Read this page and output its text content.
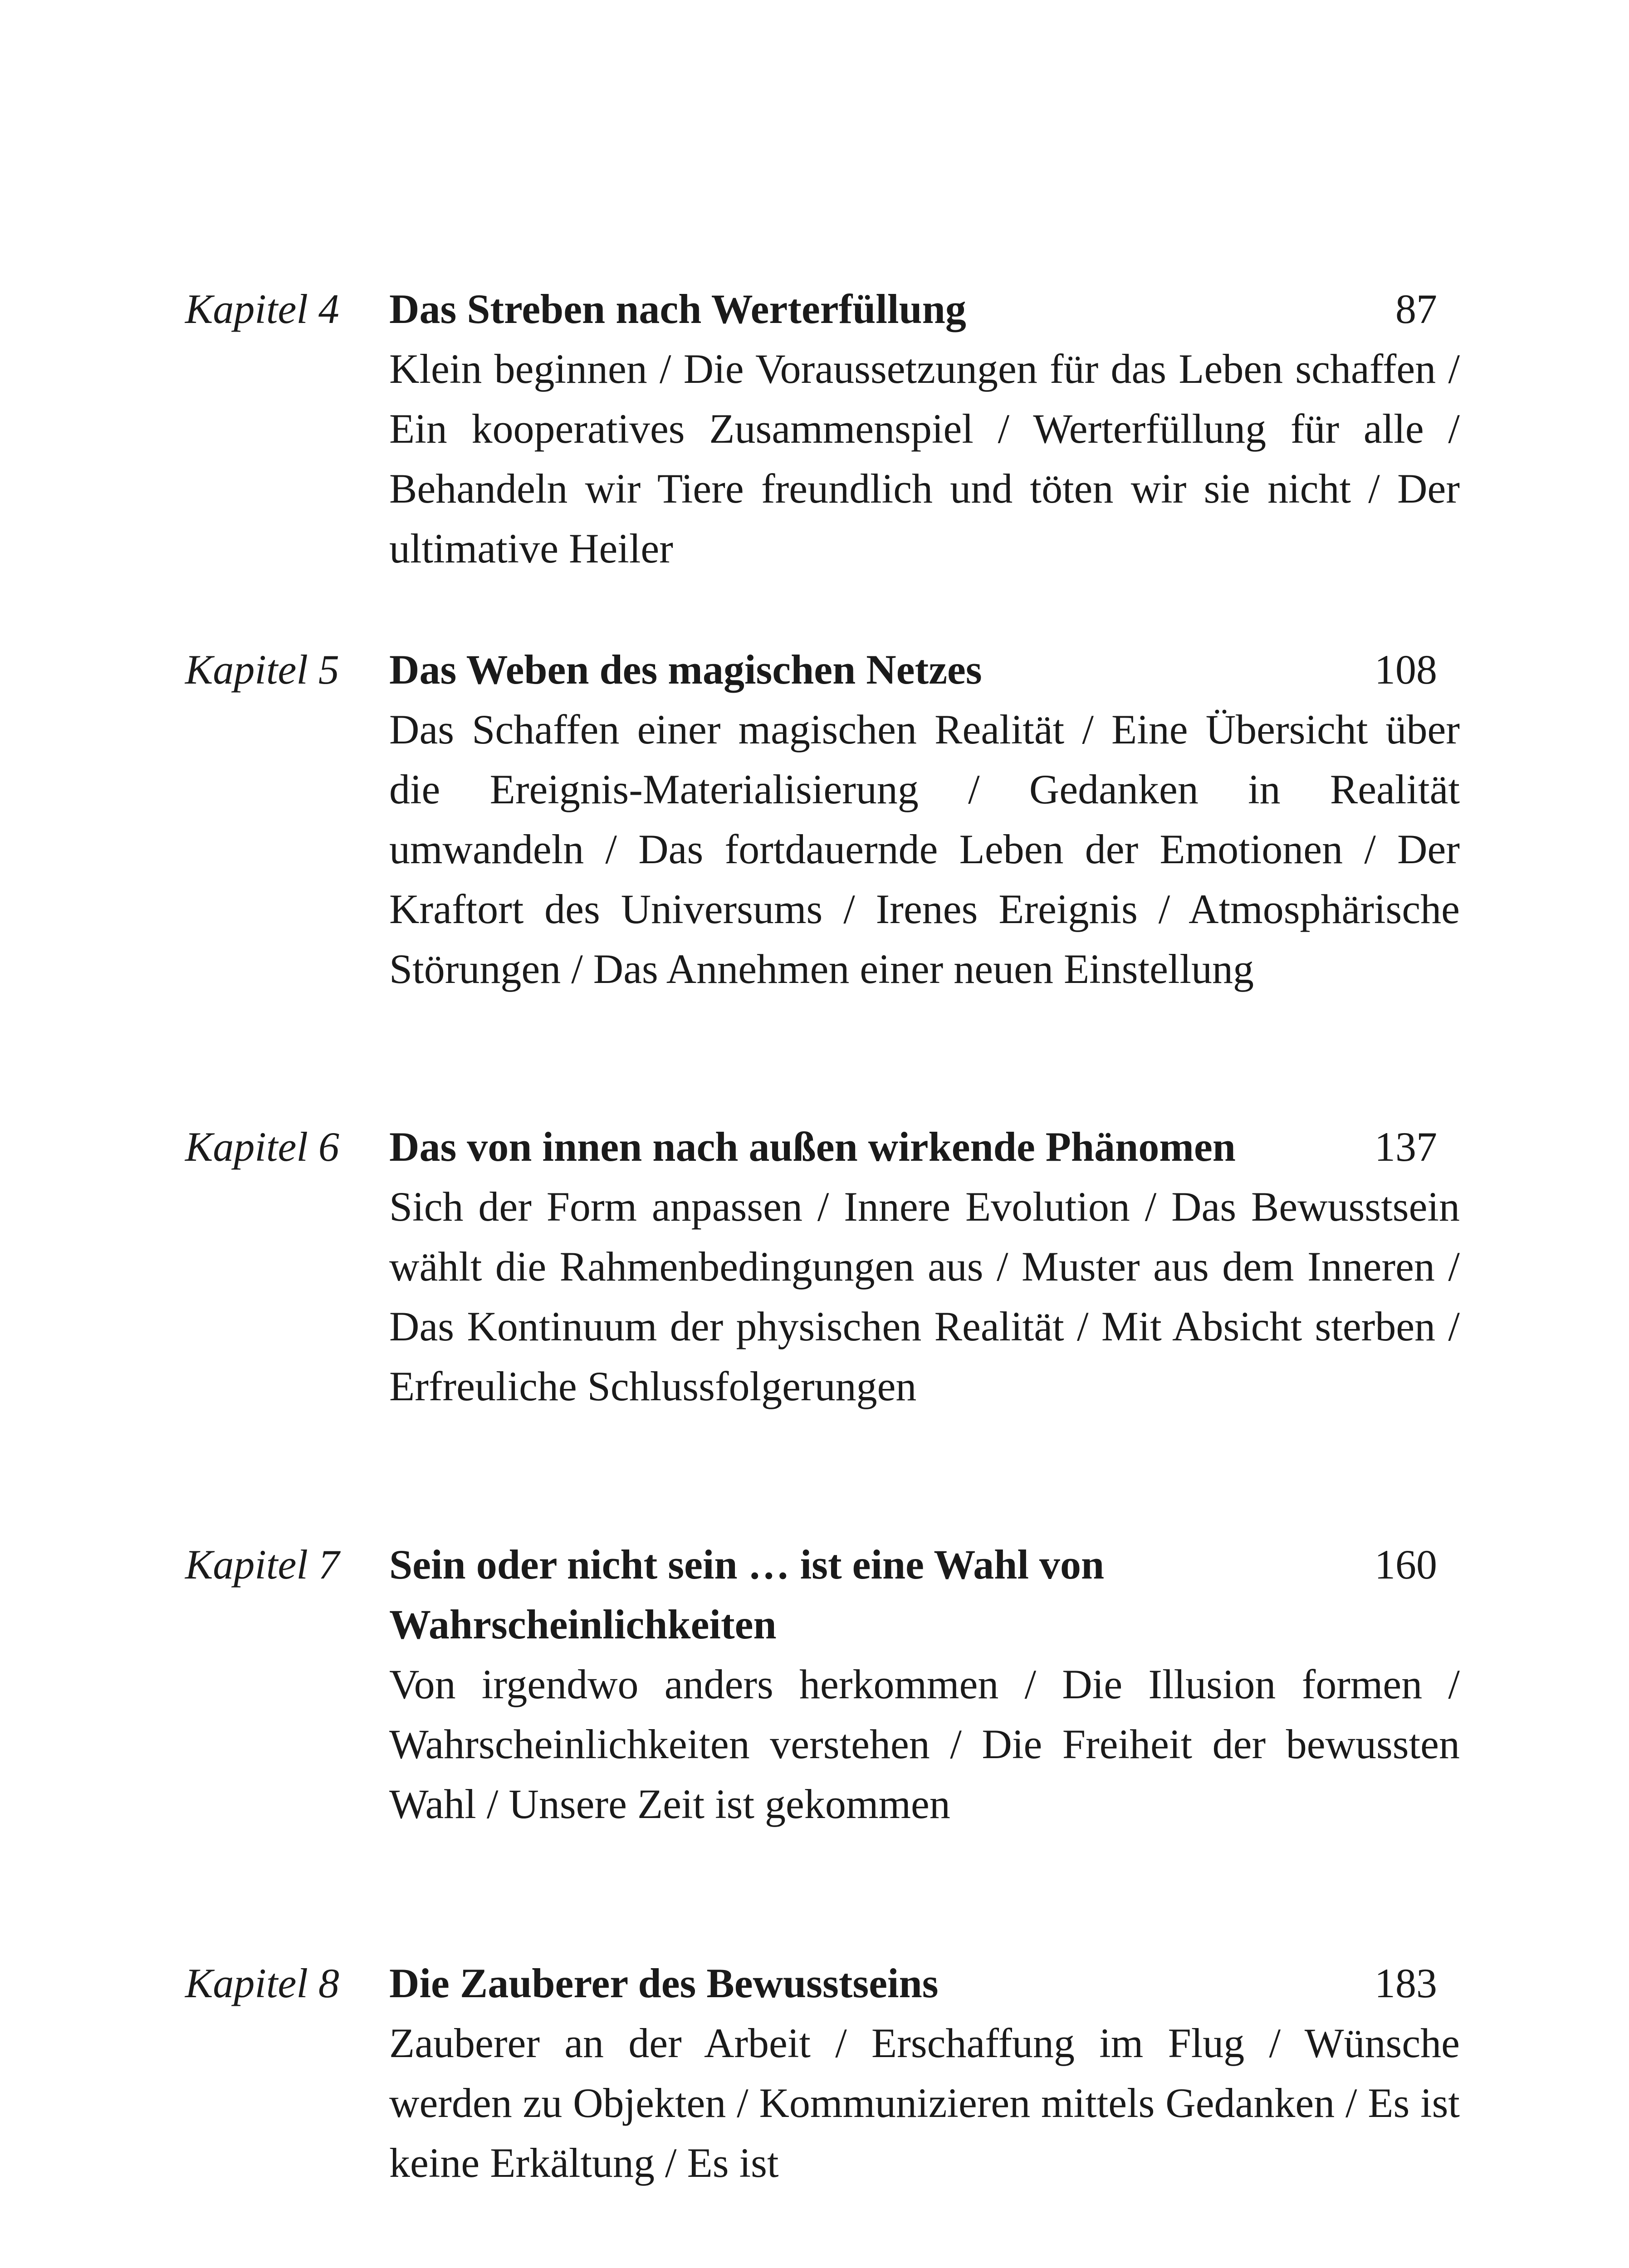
Kapitel 4 Das Streben nach Werterfüllung

Klein beginnen / Die Voraussetzungen für das Leben schaffen / Ein kooperatives Zusammenspiel / Werterfüllung für alle / Behandeln wir Tiere freundlich und töten wir sie nicht / Der ultimative Heiler

87
Kapitel 5 Das Weben des magischen Netzes

Das Schaffen einer magischen Realität / Eine Übersicht über die Ereignis-Materialisierung / Gedanken in Realität umwandeln / Das fortdauernde Leben der Emotionen / Der Kraftort des Universums / Irenes Ereignis / Atmosphärische Störungen / Das Annehmen einer neuen Einstellung

108
Kapitel 6 Das von innen nach außen wirkende Phänomen

Sich der Form anpassen / Innere Evolution / Das Bewusstsein wählt die Rahmenbedingungen aus / Muster aus dem Inneren / Das Kontinuum der physischen Realität / Mit Absicht sterben / Erfreuliche Schlussfolgerungen

137
Kapitel 7 Sein oder nicht sein … ist eine Wahl von Wahrscheinlichkeiten

Von irgendwo anders herkommen / Die Illusion formen / Wahrscheinlichkeiten verstehen / Die Freiheit der bewussten Wahl / Unsere Zeit ist gekommen

160
Kapitel 8 Die Zauberer des Bewusstseins

Zauberer an der Arbeit / Erschaffung im Flug / Wünsche werden zu Objekten / Kommunizieren mittels Gedanken / Es ist keine Erkältung / Es ist

183
